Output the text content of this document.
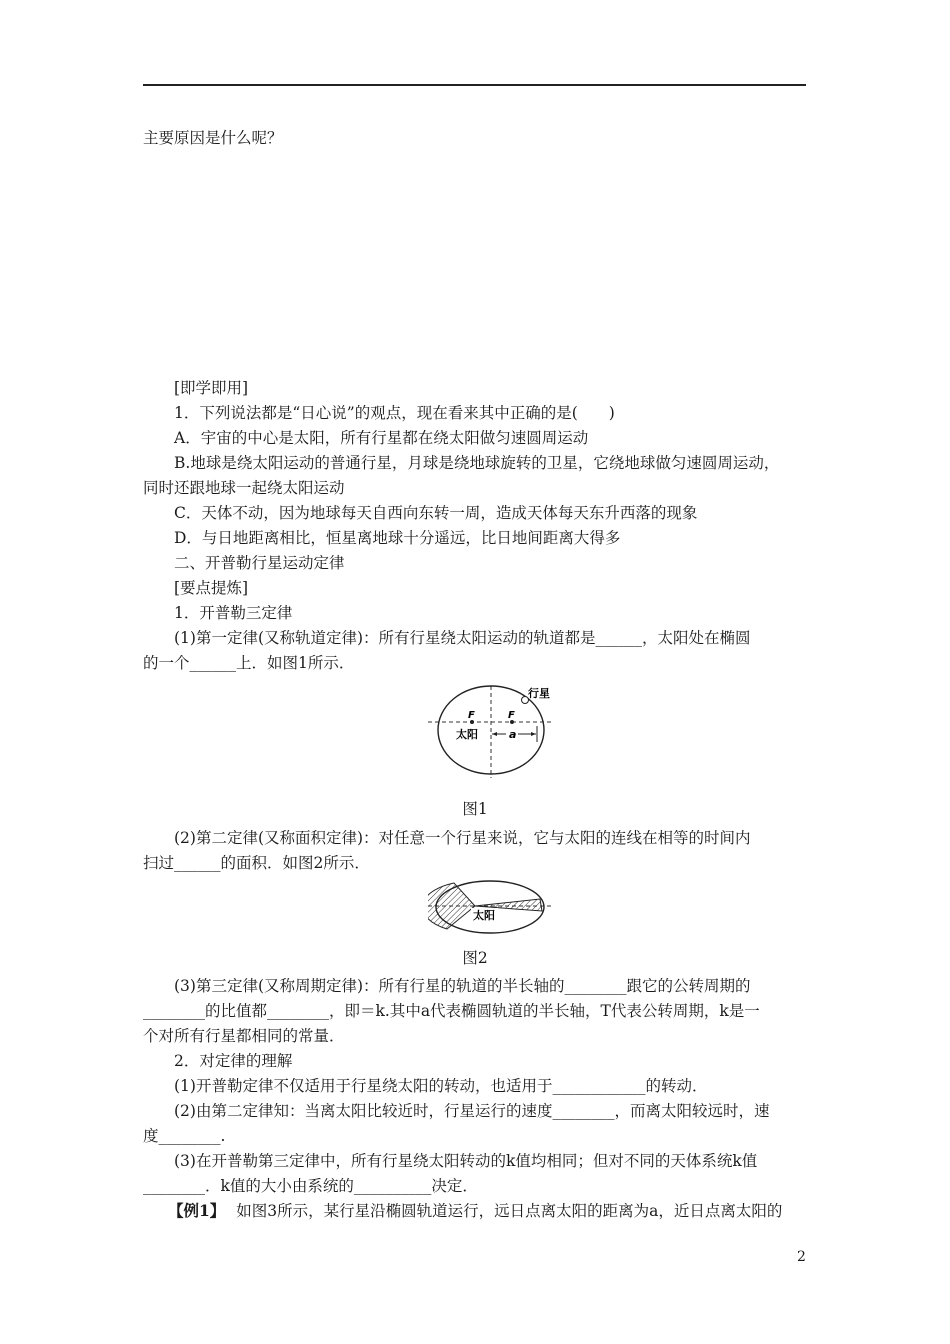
主要原因是什么呢？
[即学即用]
1．下列说法都是“日心说”的观点，现在看来其中正确的是(　　)
A．宇宙的中心是太阳，所有行星都在绕太阳做匀速圆周运动
B.地球是绕太阳运动的普通行星，月球是绕地球旋转的卫星，它绕地球做匀速圆周运动，
同时还跟地球一起绕太阳运动
C．天体不动，因为地球每天自西向东转一周，造成天体每天东升西落的现象
D．与日地距离相比，恒星离地球十分遥远，比日地间距离大得多
二、开普勒行星运动定律
[要点提炼]
1．开普勒三定律
(1)第一定律(又称轨道定律)：所有行星绕太阳运动的轨道都是______，太阳处在椭圆
的一个______上．如图1所示．
行星
F	F
太阳	a
图1
(2)第二定律(又称面积定律)：对任意一个行星来说，它与太阳的连线在相等的时间内
扫过______的面积．如图2所示．
太阳
图2
(3)第三定律(又称周期定律)：所有行星的轨道的半长轴的________跟它的公转周期的
________的比值都________，即＝k.其中a代表椭圆轨道的半长轴，T代表公转周期，k是一
个对所有行星都相同的常量．
2．对定律的理解
(1)开普勒定律不仅适用于行星绕太阳的转动，也适用于____________的转动．
(2)由第二定律知：当离太阳比较近时，行星运行的速度________，而离太阳较远时，速
度________.
(3)在开普勒第三定律中，所有行星绕太阳转动的k值均相同；但对不同的天体系统k值
________．k值的大小由系统的__________决定．
【例1】 如图3所示，某行星沿椭圆轨道运行，远日点离太阳的距离为a，近日点离太阳的
2
